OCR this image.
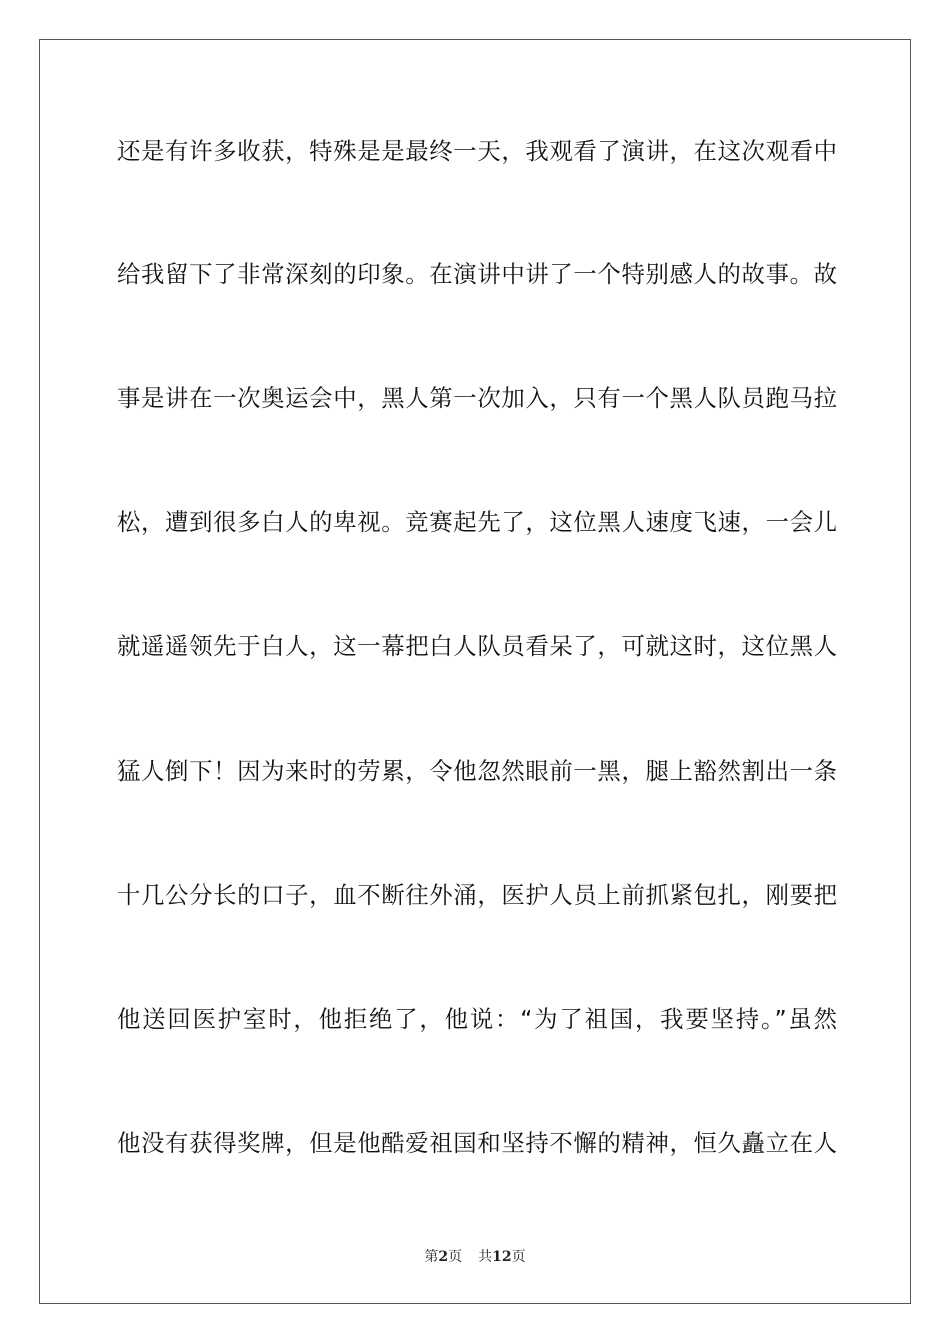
还是有许多收获，特殊是是最终一天，我观看了演讲，在这次观看中
给我留下了非常深刻的印象。在演讲中讲了一个特别感人的故事。故
事是讲在一次奥运会中，黑人第一次加入，只有一个黑人队员跑马拉
松，遭到很多白人的卑视。竞赛起先了，这位黑人速度飞速，一会儿
就遥遥领先于白人，这一幕把白人队员看呆了，可就这时，这位黑人
猛人倒下！因为来时的劳累，令他忽然眼前一黑，腿上豁然割出一条
十几公分长的口子，血不断往外涌，医护人员上前抓紧包扎，刚要把
他送回医护室时，他拒绝了，他说：“为了祖国，我要坚持。”虽然
他没有获得奖牌，但是他酷爱祖国和坚持不懈的精神，恒久矗立在人
第2页 共12页
